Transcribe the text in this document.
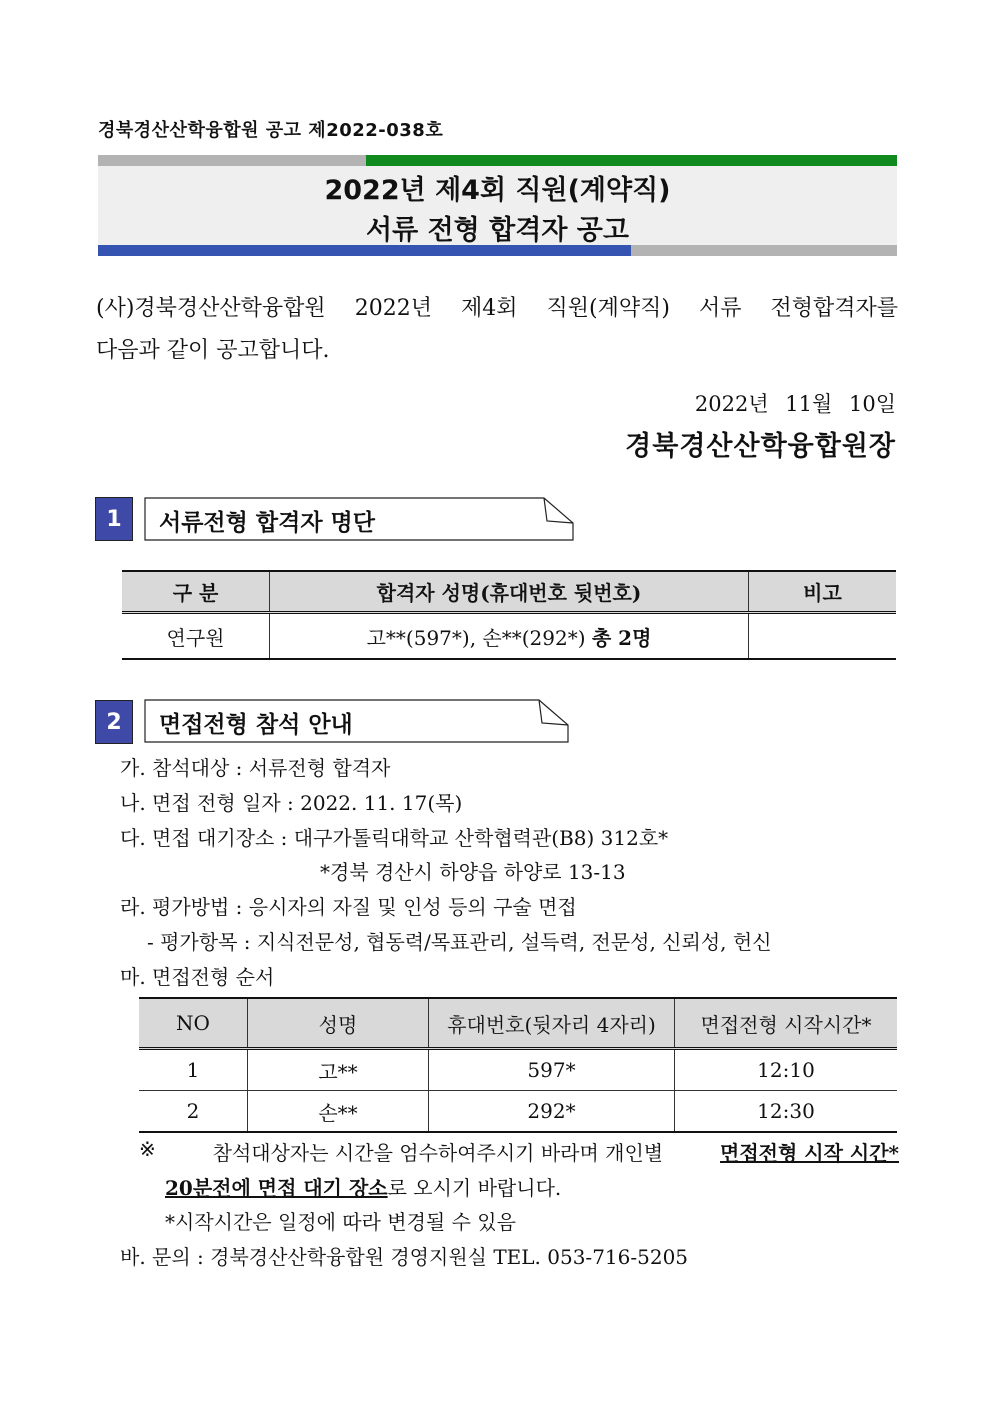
경북경산산학융합원 공고 제2022-038호
2022년 제4회 직원(계약직)
서류 전형 합격자 공고
(사)경북경산산학융합원 2022년 제4회 직원(계약직) 서류 전형합격자를
다음과 같이 공고합니다.
2022년 11월 10일
경북경산산학융합원장
1	서류전형 합격자 명단
구 분	합격자 성명(휴대번호 뒷번호)	비고
연구원	고**(597*), 손**(292*) 총 2명	
2	면접전형 참석 안내
가. 참석대상 : 서류전형 합격자
나. 면접 전형 일자 : 2022. 11. 17(목)
다. 면접 대기장소 : 대구가톨릭대학교 산학협력관(B8) 312호*
*경북 경산시 하양읍 하양로 13-13
라. 평가방법 : 응시자의 자질 및 인성 등의 구술 면접
- 평가항목 : 지식전문성, 협동력/목표관리, 설득력, 전문성, 신뢰성, 헌신
마. 면접전형 순서
NO	성명	휴대번호(뒷자리 4자리)	면접전형 시작시간*
1	고**	597*	12:10
2	손**	292*	12:30
※	참석대상자는 시간을 엄수하여주시기 바라며 개인별	면접전형 시작 시간*
20분전에 면접 대기 장소로 오시기 바랍니다.
*시작시간은 일정에 따라 변경될 수 있음
바. 문의 : 경북경산산학융합원 경영지원실 TEL. 053-716-5205
